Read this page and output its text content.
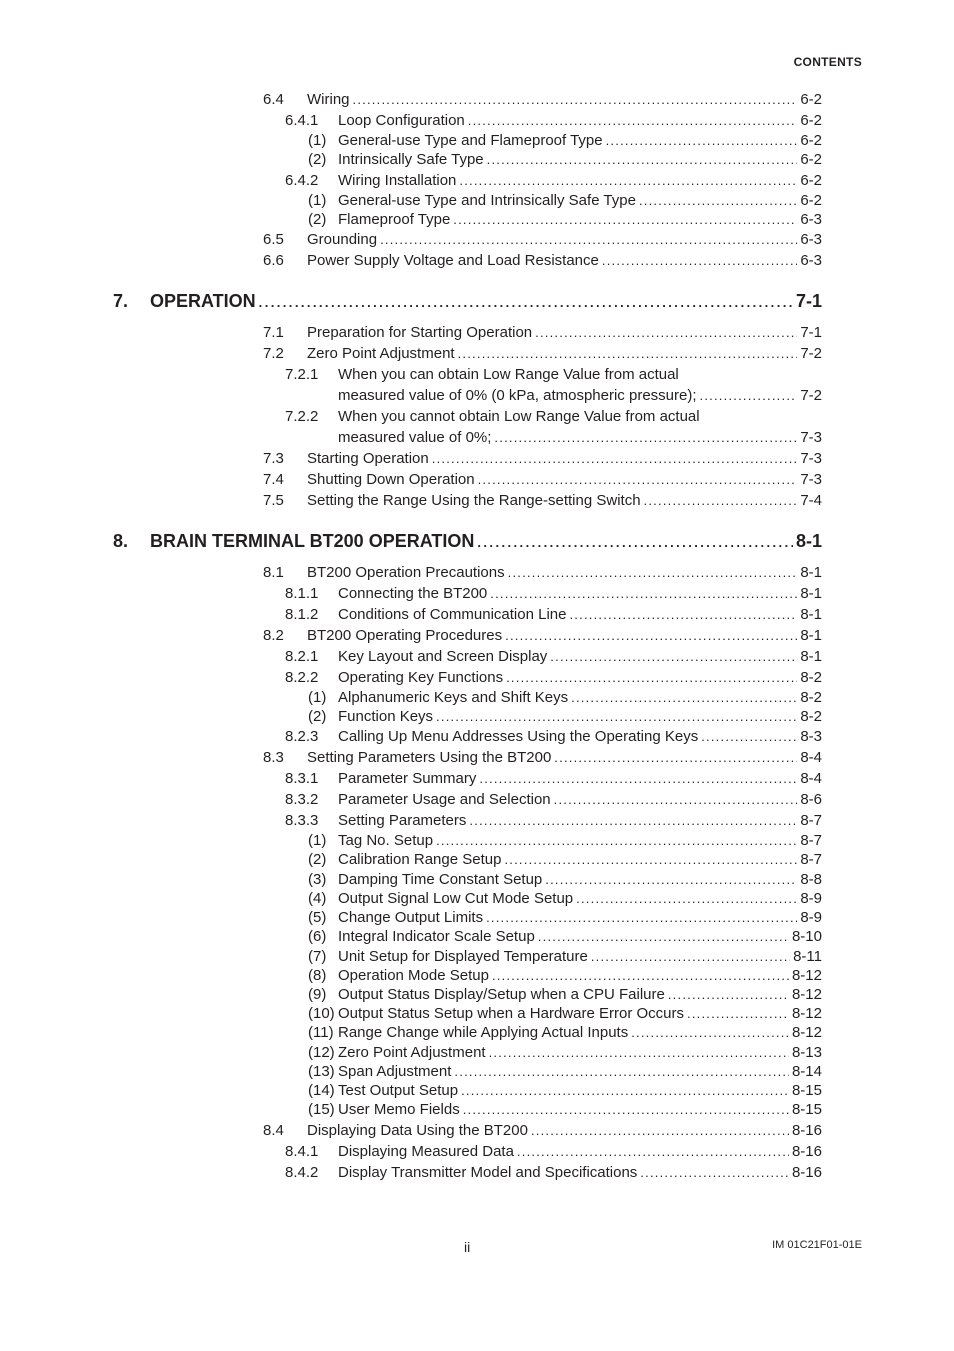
CONTENTS
6.4	Wiring . . .	6-2
6.4.1	Loop Configuration . . .	6-2
(1) General-use Type and Flameproof Type . . .	6-2
(2) Intrinsically Safe Type . . .	6-2
6.4.2	Wiring Installation . . .	6-2
(1) General-use Type and Intrinsically Safe Type . . .	6-2
(2) Flameproof Type . . .	6-3
6.5	Grounding . . .	6-3
6.6	Power Supply Voltage and Load Resistance . . .	6-3
7.	OPERATION . . .	7-1
7.1	Preparation for Starting Operation . . .	7-1
7.2	Zero Point Adjustment . . .	7-2
7.2.1	When you can obtain Low Range Value from actual
measured value of 0% (0 kPa, atmospheric pressure); . . .	7-2
7.2.2	When you cannot obtain Low Range Value from actual
measured value of 0%; . . .	7-3
7.3	Starting Operation . . .	7-3
7.4	Shutting Down Operation . . .	7-3
7.5	Setting the Range Using the Range-setting Switch . . .	7-4
8.	BRAIN TERMINAL BT200 OPERATION . . .	8-1
8.1	BT200 Operation Precautions . . .	8-1
8.1.1	Connecting the BT200 . . .	8-1
8.1.2	Conditions of Communication Line . . .	8-1
8.2	BT200 Operating Procedures . . .	8-1
8.2.1	Key Layout and Screen Display . . .	8-1
8.2.2	Operating Key Functions . . .	8-2
(1) Alphanumeric Keys and Shift Keys . . .	8-2
(2) Function Keys . . .	8-2
8.2.3	Calling Up Menu Addresses Using the Operating Keys . . .	8-3
8.3	Setting Parameters Using the BT200 . . .	8-4
8.3.1	Parameter Summary . . .	8-4
8.3.2	Parameter Usage and Selection . . .	8-6
8.3.3	Setting Parameters . . .	8-7
(1) Tag No. Setup . . .	8-7
(2) Calibration Range Setup . . .	8-7
(3) Damping Time Constant Setup . . .	8-8
(4) Output Signal Low Cut Mode Setup . . .	8-9
(5) Change Output Limits . . .	8-9
(6) Integral Indicator Scale Setup . . .	8-10
(7) Unit Setup for Displayed Temperature . . .	8-11
(8) Operation Mode Setup . . .	8-12
(9) Output Status Display/Setup when a CPU Failure . . .	8-12
(10) Output Status Setup when a Hardware Error Occurs . . .	8-12
(11) Range Change while Applying Actual Inputs . . .	8-12
(12) Zero Point Adjustment . . .	8-13
(13) Span Adjustment . . .	8-14
(14) Test Output Setup . . .	8-15
(15) User Memo Fields . . .	8-15
8.4	Displaying Data Using the BT200 . . .	8-16
8.4.1	Displaying Measured Data . . .	8-16
8.4.2	Display Transmitter Model and Specifications . . .	8-16
ii	IM 01C21F01-01E
